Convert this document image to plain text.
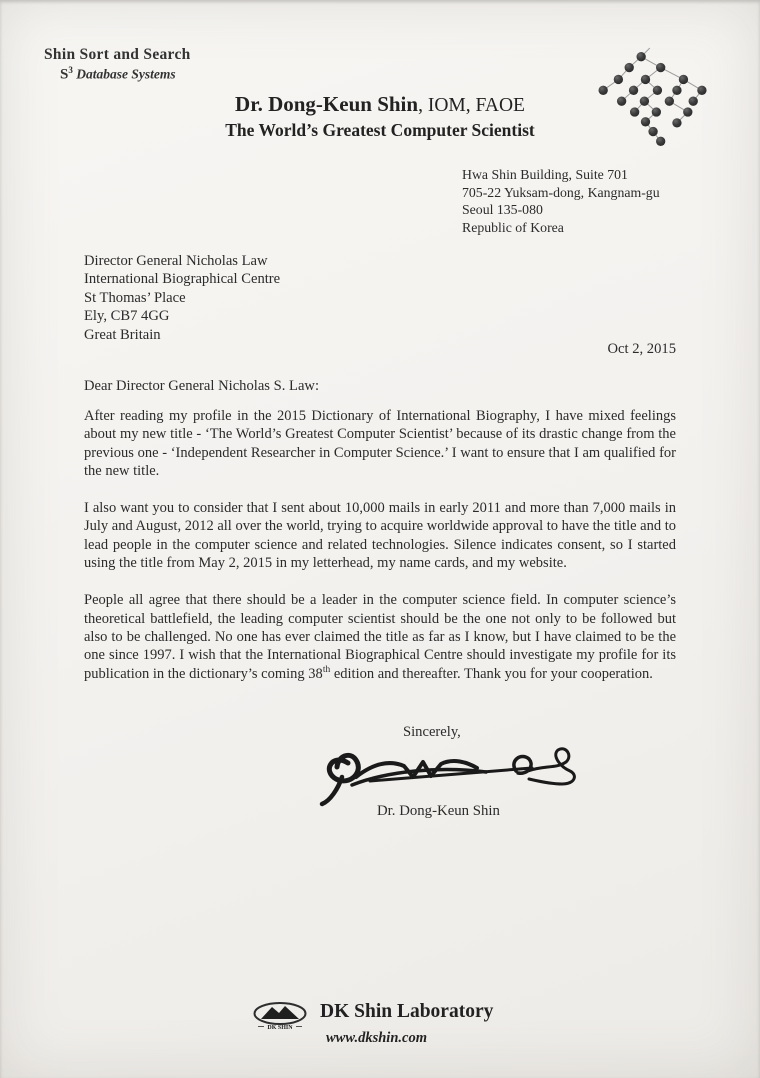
Shin Sort and Search
$S^3$ Database Systems
Dr. Dong-Keun Shin, IOM, FAOE
The World’s Greatest Computer Scientist
Hwa Shin Building, Suite 701
705-22 Yuksam-dong, Kangnam-gu
Seoul 135-080
Republic of Korea
Director General Nicholas Law
International Biographical Centre
St Thomas’ Place
Ely, CB7 4GG
Great Britain
Oct 2, 2015
Dear Director General Nicholas S. Law:

After reading my profile in the 2015 Dictionary of International Biography, I have mixed feelings about my new title - ‘The World’s Greatest Computer Scientist’ because of its drastic change from the previous one - ‘Independent Researcher in Computer Science.’ I want to ensure that I am qualified for the new title.

I also want you to consider that I sent about 10,000 mails in early 2011 and more than 7,000 mails in July and August, 2012 all over the world, trying to acquire worldwide approval to have the title and to lead people in the computer science and related technologies. Silence indicates consent, so I started using the title from May 2, 2015 in my letterhead, my name cards, and my website.

People all agree that there should be a leader in the computer science field. In computer science’s theoretical battlefield, the leading computer scientist should be the one not only to be followed but also to be challenged. No one has ever claimed the title as far as I know, but I have claimed to be the one since 1997. I wish that the International Biographical Centre should investigate my profile for its publication in the dictionary’s coming 38th edition and thereafter. Thank you for your cooperation.

Sincerely,
Dr. Dong-Keun Shin
DK SHIN
DK Shin Laboratory
www.dkshin.com
